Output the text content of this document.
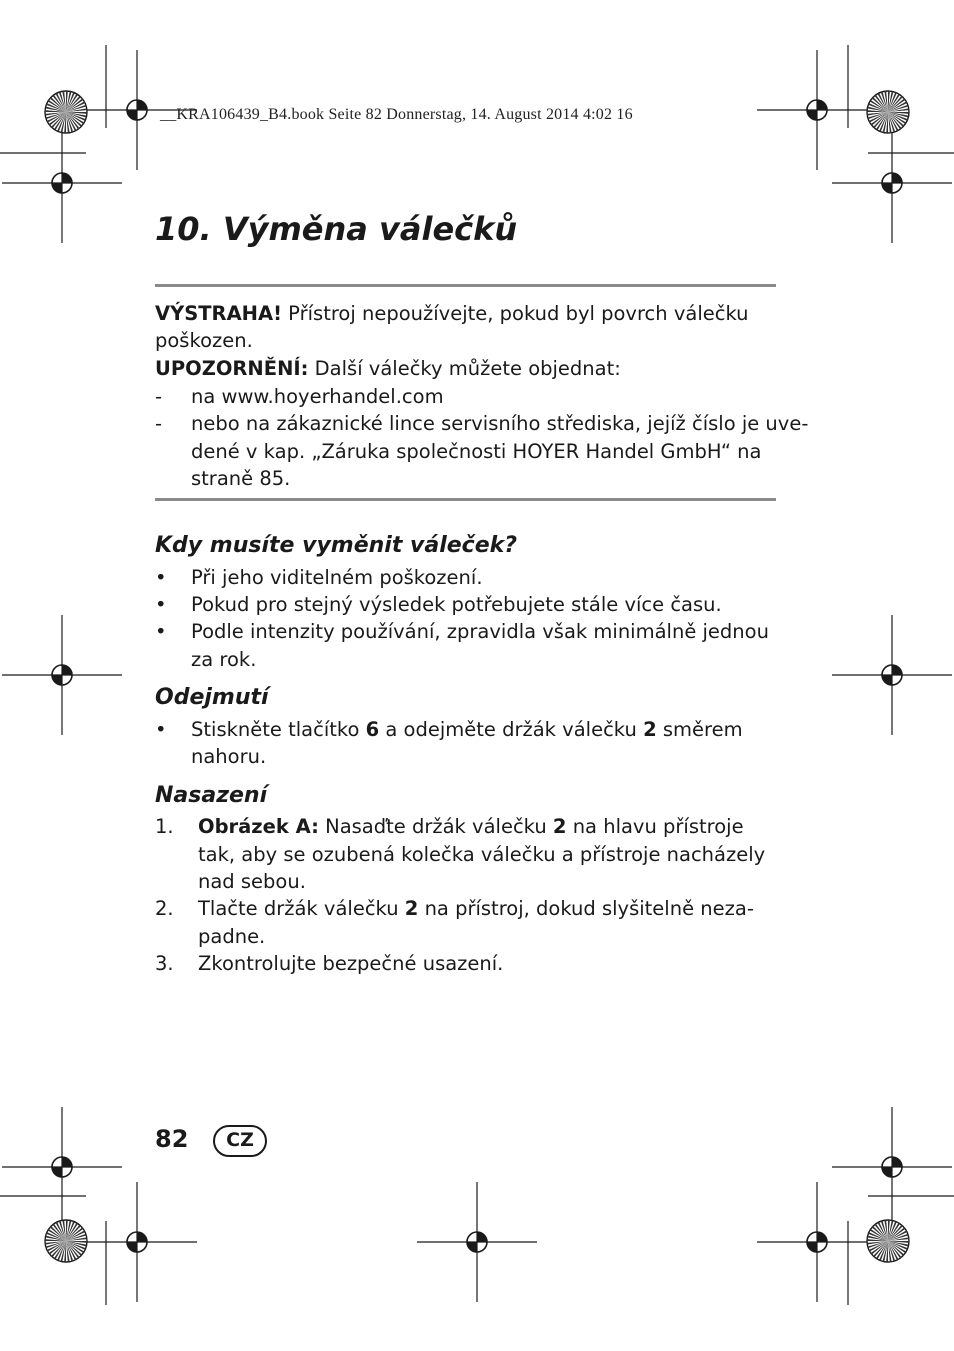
__KRA106439_B4.book Seite 82 Donnerstag, 14. August 2014 4:02 16
10. Výměna válečků
VÝSTRAHA! Přístroj nepoužívejte, pokud byl povrch válečku
poškozen.
UPOZORNĚNÍ: Další válečky můžete objednat:
- na www.hoyerhandel.com
- nebo na zákaznické lince servisního střediska, jejíž číslo je uve-
dené v kap. „Záruka společnosti HOYER Handel GmbH“ na
straně 85.
Kdy musíte vyměnit váleček?
• Při jeho viditelném poškození.
• Pokud pro stejný výsledek potřebujete stále více času.
• Podle intenzity používání, zpravidla však minimálně jednou
za rok.
Odejmutí
• Stiskněte tlačítko 6 a odejměte držák válečku 2 směrem
nahoru.
Nasazení
1. Obrázek A: Nasaďte držák válečku 2 na hlavu přístroje
tak, aby se ozubená kolečka válečku a přístroje nacházely
nad sebou.
2. Tlačte držák válečku 2 na přístroj, dokud slyšitelně neza-
padne.
3. Zkontrolujte bezpečné usazení.
82	CZ
